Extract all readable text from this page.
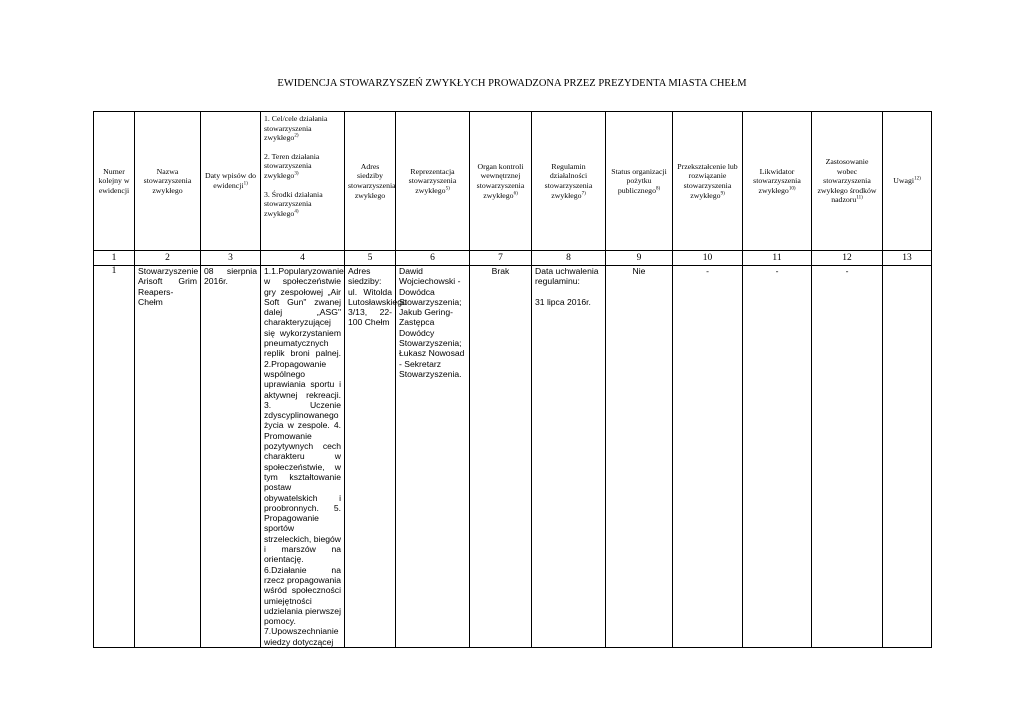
EWIDENCJA STOWARZYSZEŃ ZWYKŁYCH PROWADZONA PRZEZ PREZYDENTA MIASTA CHEŁM
Numer kolejny w ewidencji	Nazwa stowarzyszenia zwykłego	Daty wpisów do ewidencji$^{1)}$	1. Cel/cele działania stowarzyszenia zwykłego$^{2)}$
2. Teren działania stowarzyszenia zwykłego$^{3)}$
3. Środki działania stowarzyszenia zwykłego$^{4)}$	Adres siedziby stowarzyszenia zwykłego	Reprezentacja stowarzyszenia zwykłego$^{5)}$	Organ kontroli wewnętrznej stowarzyszenia zwykłego$^{6)}$	Regulamin działalności stowarzyszenia zwykłego$^{7)}$	Status organizacji pożytku publicznego$^{8)}$	Przekształcenie lub rozwiązanie stowarzyszenia zwykłego$^{9)}$	Likwidator stowarzyszenia zwykłego$^{10)}$	Zastosowanie wobec stowarzyszenia zwykłego środków nadzoru$^{11)}$	Uwagi$^{12)}$
1	2	3	4	5	6	7	8	9	10	11	12	13
1	Stowarzyszenie Arisoft Grim Reapers-Chełm	08 sierpnia 2016r.	1.1.Popularyzowanie w społeczeństwie gry zespołowej „Air Soft Gun" zwanej dalej „ASG" charakteryzującej się wykorzystaniem pneumatycznych replik broni palnej. 2.Propagowanie wspólnego uprawiania sportu i aktywnej rekreacji. 3. Uczenie zdyscyplinowanego życia w zespole. 4. Promowanie pozytywnych cech charakteru w społeczeństwie, w tym kształtowanie postaw obywatelskich i proobronnych. 5. Propagowanie sportów strzeleckich, biegów i marszów na orientację. 6.Działanie na rzecz propagowania wśród społeczności umiejętności udzielania pierwszej pomocy. 7.Upowszechnianie wiedzy dotyczącej	Adres siedziby: ul. Witolda Lutosławskiego 3/13, 22-100 Chełm	Dawid Wojciechowski -Dowódca Stowarzyszenia; Jakub Gering- Zastępca Dowódcy Stowarzyszenia; Łukasz Nowosad - Sekretarz Stowarzyszenia.	Brak	Data uchwalenia regulaminu:
31 lipca 2016r.	Nie	-	-	-	
